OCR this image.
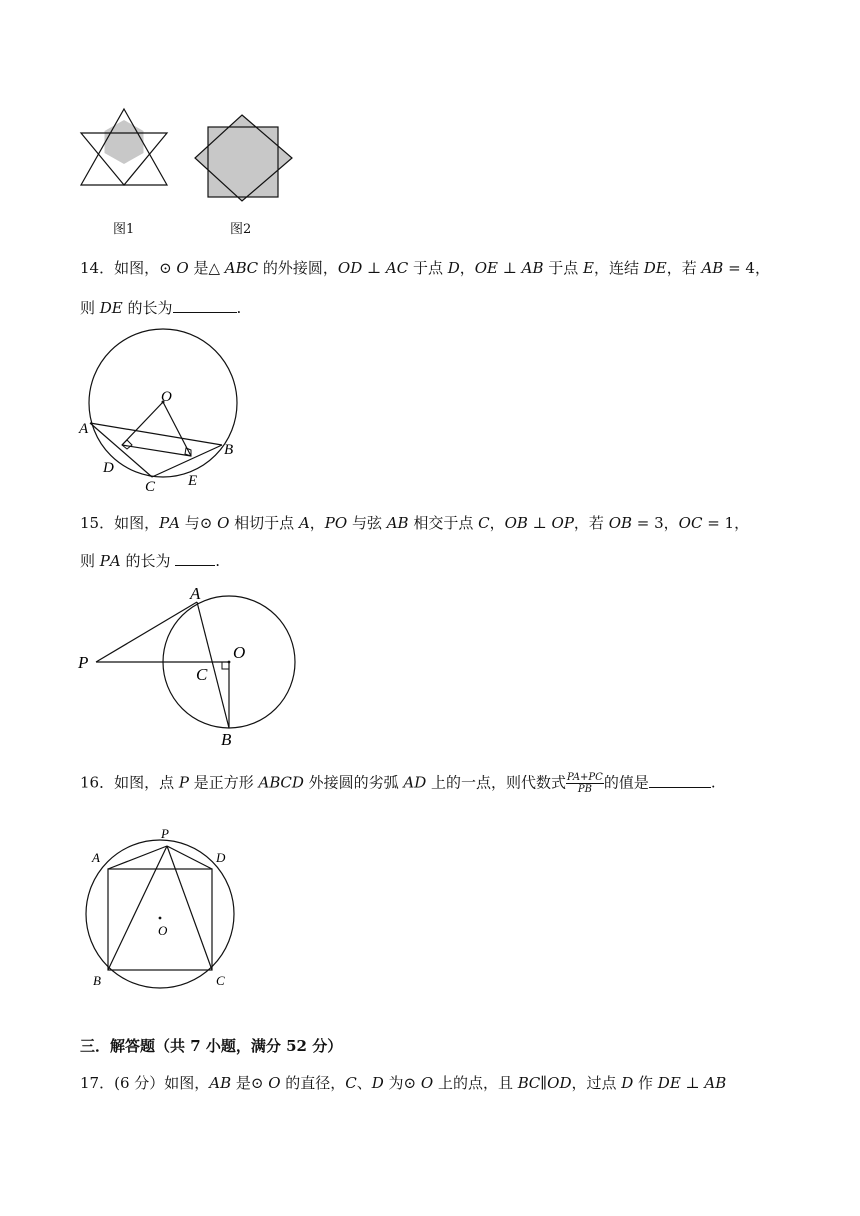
图1	图2
14．如图，⊙ 𝑂 是△ 𝐴𝐵𝐶 的外接圆，𝑂𝐷 ⊥ 𝐴𝐶 于点 𝐷，𝑂𝐸 ⊥ 𝐴𝐵 于点 𝐸，连结 𝐷𝐸，若 𝐴𝐵 = 4，
则 𝐷𝐸 的长为	.
O
A
B
C
D
E
15．如图，𝑃𝐴 与⊙ 𝑂 相切于点 𝐴，𝑃𝑂 与弦 𝐴𝐵 相交于点 𝐶，𝑂𝐵 ⊥ 𝑂𝑃，若 𝑂𝐵 = 3，𝑂𝐶 = 1，
则 𝑃𝐴 的长为	.
A
P
O
C
B
16．如图，点 𝑃 是正方形 𝐴𝐵𝐶𝐷 外接圆的劣弧 𝐴𝐷 上的一点，则代数式 $\frac{PA+PC}{PB}$ 的值是	.
P
A	D
O
B	C
三．解答题（共 7 小题，满分 52 分）
17．(6 分）如图，𝐴𝐵 是⊙ 𝑂 的直径，𝐶、𝐷 为⊙ 𝑂 上的点，且 𝐵𝐶∥𝑂𝐷，过点 𝐷 作 𝐷𝐸 ⊥ 𝐴𝐵
